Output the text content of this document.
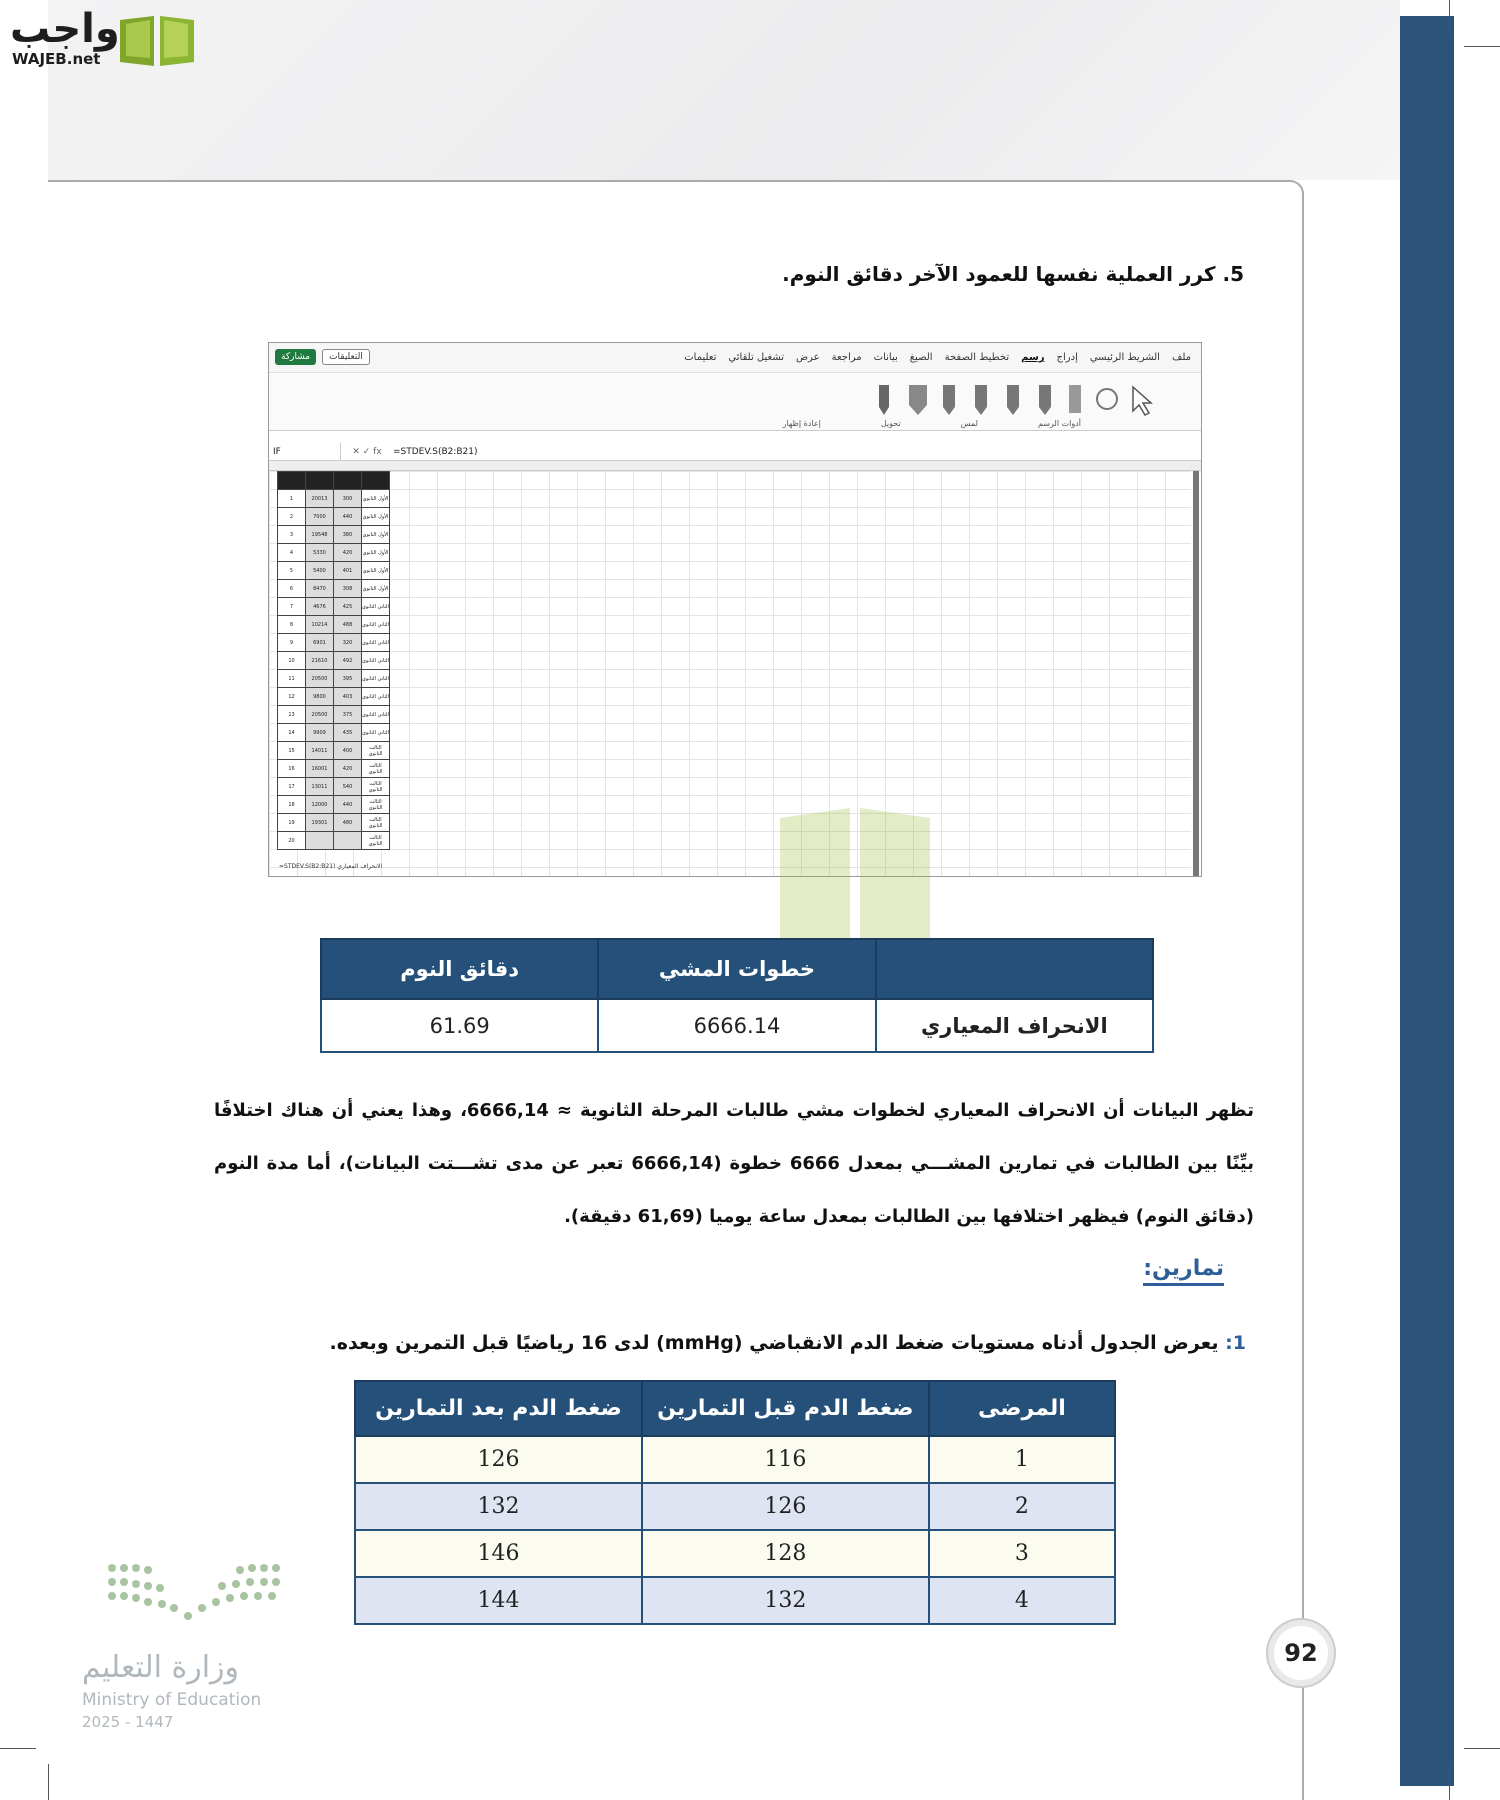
واجب
WAJEB.net
5. كرر العملية نفسها للعمود الآخر دقائق النوم.
ملف
الشريط الرئيسي
إدراج
رسم
تخطيط الصفحة
الصيغ
بيانات
مراجعة
عرض
تشغيل تلقائي
تعليمات
مشاركة	التعليقات
أدوات الرسم
لمس
تحويل
إعادة إظهار
IF	✕ ✓ fx	=STDEV.S(B2:B21)

1	20013	300	الأول الثانوي
2	7000	440	الأول الثانوي
3	19548	380	الأول الثانوي
4	5330	420	الأول الثانوي
5	5400	401	الأول الثانوي
6	8470	308	الأول الثانوي
7	4676	425	الثاني الثانوي
8	10214	488	الثاني الثانوي
9	6901	320	الثاني الثانوي
10	21610	492	الثاني الثانوي
11	20500	395	الثاني الثانوي
12	9800	403	الثاني الثانوي
13	20500	375	الثاني الثانوي
14	9909	435	الثاني الثانوي
15	14011	400	الثالث الثانوي
16	16001	420	الثالث الثانوي
17	13011	540	الثالث الثانوي
18	12000	440	الثالث الثانوي
19	19301	480	الثالث الثانوي
20			الثالث الثانوي
=STDEV.S(B2:B21) الانحراف المعياري
	خطوات المشي	دقائق النوم
الانحراف المعياري	6666.14	61.69

تظهر البيانات أن الانحراف المعياري لخطوات مشي طالبات المرحلة الثانوية ≈ 6666,14، وهذا يعني أن هناك اختلافًا بيِّنًا بين الطالبات في تمارين المشـــي بمعدل 6666 خطوة (6666,14 تعبر عن مدى تشـــتت البيانات)، أما مدة النوم (دقائق النوم) فيظهر اختلافها بين الطالبات بمعدل ساعة يوميا (61,69 دقيقة).

تمارين:
1: يعرض الجدول أدناه مستويات ضغط الدم الانقباضي (mmHg) لدى 16 رياضيًا قبل التمرين وبعده.
المرضى	ضغط الدم قبل التمارين	ضغط الدم بعد التمارين
1	116	126
2	126	132
3	128	146
4	132	144
92
وزارة التعليم
Ministry of Education
2025 - 1447
